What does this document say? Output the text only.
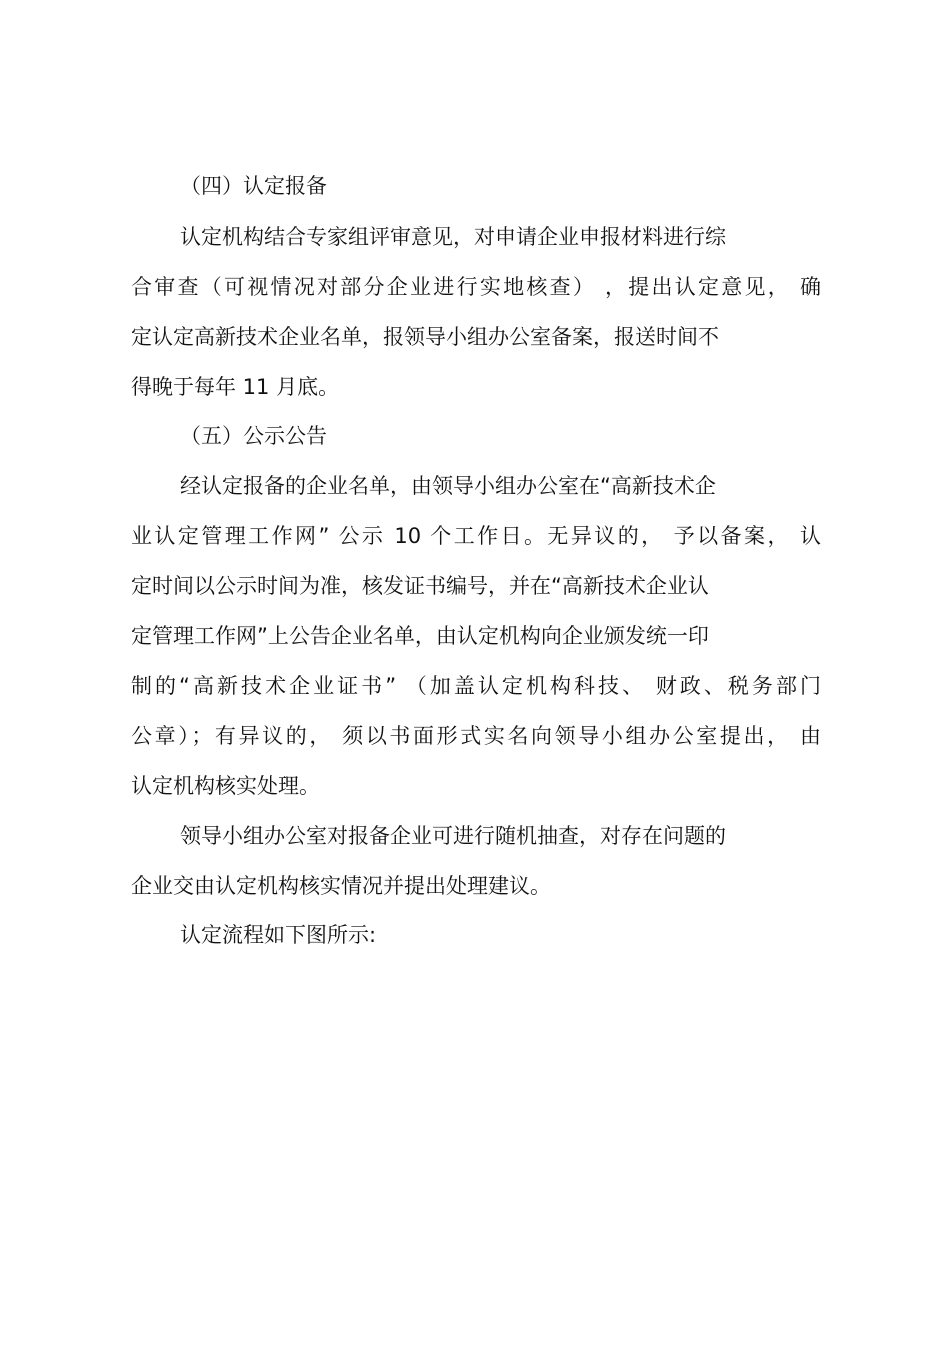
（四）认定报备
认定机构结合专家组评审意见，对申请企业申报材料进行综
合审查（可视情况对部分企业进行实地核查） ，提出认定意见， 确
定认定高新技术企业名单，报领导小组办公室备案，报送时间不
得晚于每年 11 月底。
（五）公示公告
经认定报备的企业名单，由领导小组办公室在“高新技术企
业认定管理工作网” 公示 10 个工作日。无异议的， 予以备案， 认
定时间以公示时间为准，核发证书编号，并在“高新技术企业认
定管理工作网”上公告企业名单，由认定机构向企业颁发统一印
制的“高新技术企业证书” （加盖认定机构科技、 财政、税务部门
公章）；有异议的， 须以书面形式实名向领导小组办公室提出， 由
认定机构核实处理。
领导小组办公室对报备企业可进行随机抽查，对存在问题的
企业交由认定机构核实情况并提出处理建议。
认定流程如下图所示:
